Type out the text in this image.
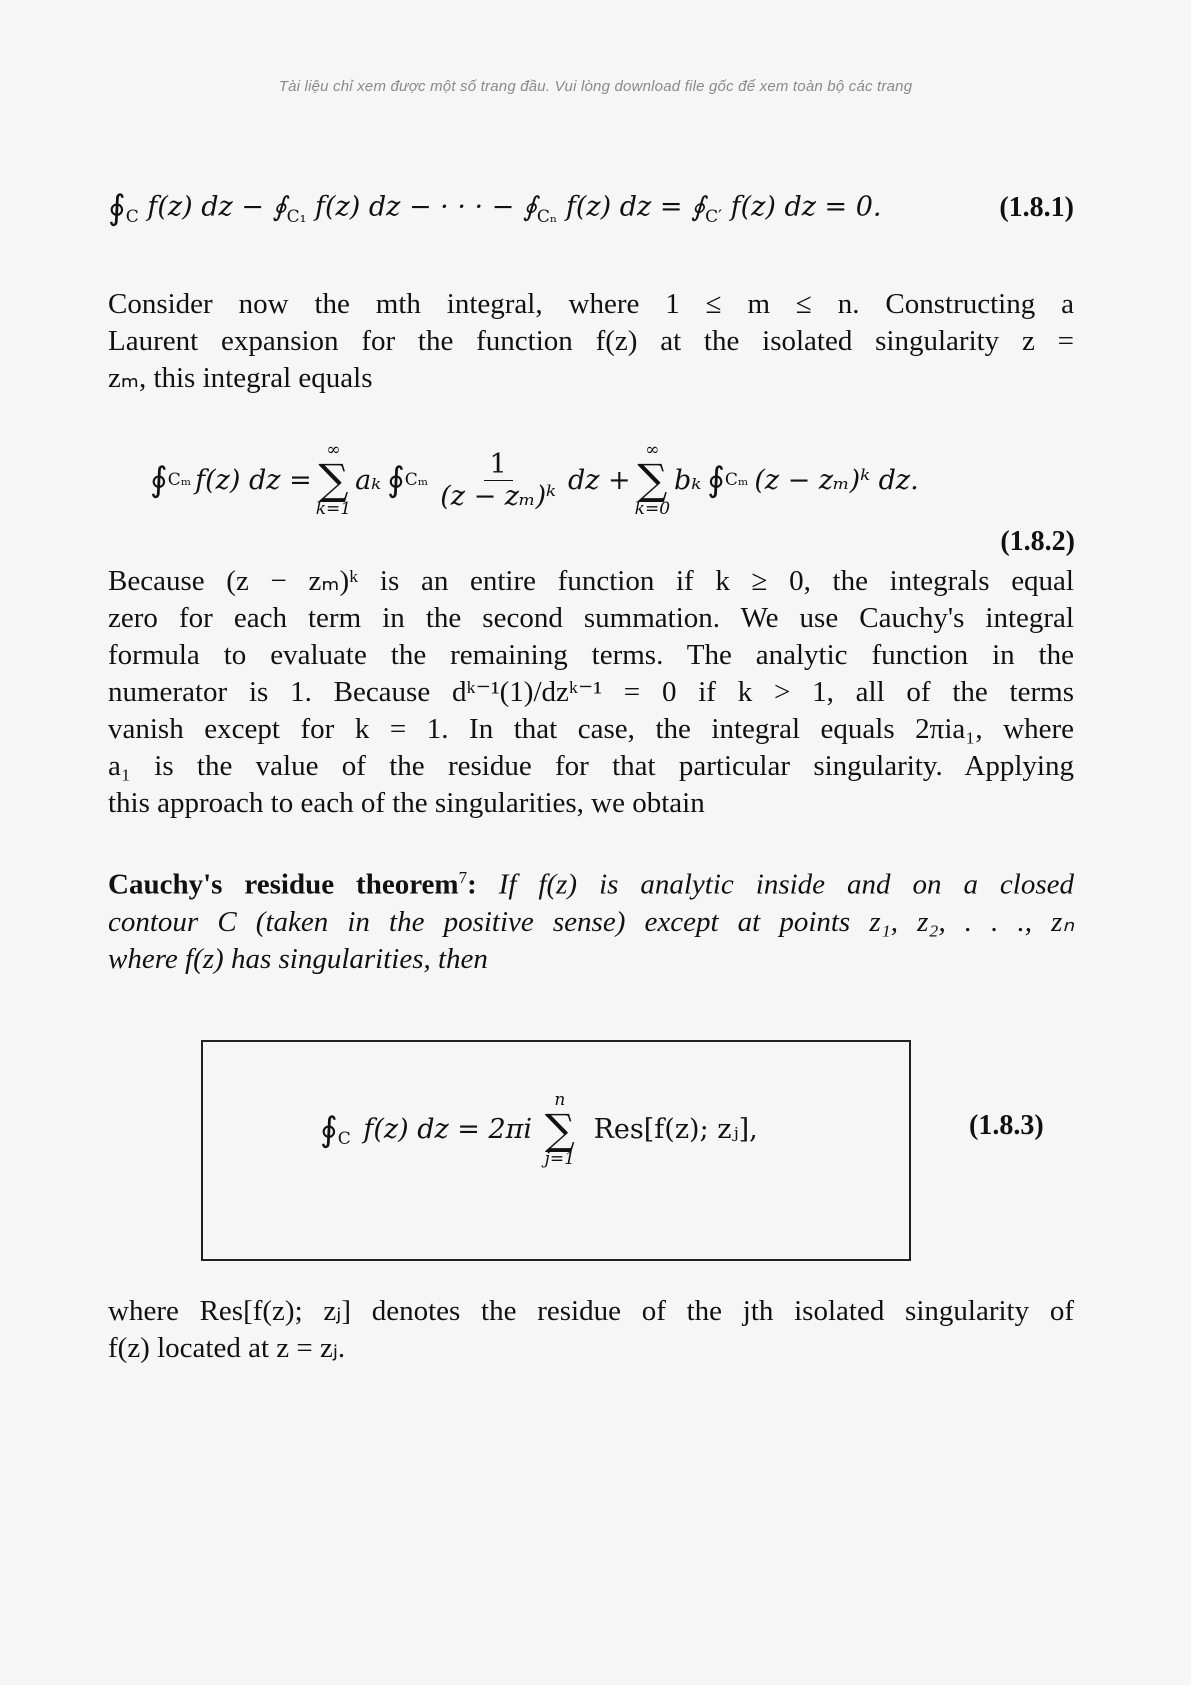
Tài liệu chỉ xem được một số trang đầu. Vui lòng download file gốc để xem toàn bộ các trang
$∮_C$ f(z) dz − $∮_{C_1}$ f(z) dz − · · · − $∮_{C_n}$ f(z) dz = $∮_{C'}$ f(z) dz = 0.	(1.8.1)
Consider now the mth integral, where 1 ≤ m ≤ n. Constructing a
Laurent expansion for the function f(z) at the isolated singularity z =
zₘ, this integral equals
∮ Cₘ f(z) dz =
∞
∑
k=1
aₖ ∮ Cₘ $\frac{1}{\text{(z − zₘ)ᵏ}}$ dz +
∞
∑
k=0
bₖ ∮ Cₘ (z − zₘ)ᵏ dz.
(1.8.2)
Because (z − zₘ)ᵏ is an entire function if k ≥ 0, the integrals equal
zero for each term in the second summation. We use Cauchy's integral
formula to evaluate the remaining terms. The analytic function in the
numerator is 1. Because dᵏ⁻¹(1)/dzᵏ⁻¹ = 0 if k > 1, all of the terms
vanish except for k = 1. In that case, the integral equals 2πia₁, where
a₁ is the value of the residue for that particular singularity. Applying
this approach to each of the singularities, we obtain
Cauchy's residue theorem$^7$: If f(z) is analytic inside and on a closed
contour C (taken in the positive sense) except at points z₁, z₂, . . ., zₙ
where f(z) has singularities, then
$∮_C$ f(z) dz = 2πi
n
∑
j=1
Res[f(z); zⱼ],	(1.8.3)
where Res[f(z); zⱼ] denotes the residue of the jth isolated singularity of
f(z) located at z = zⱼ.
